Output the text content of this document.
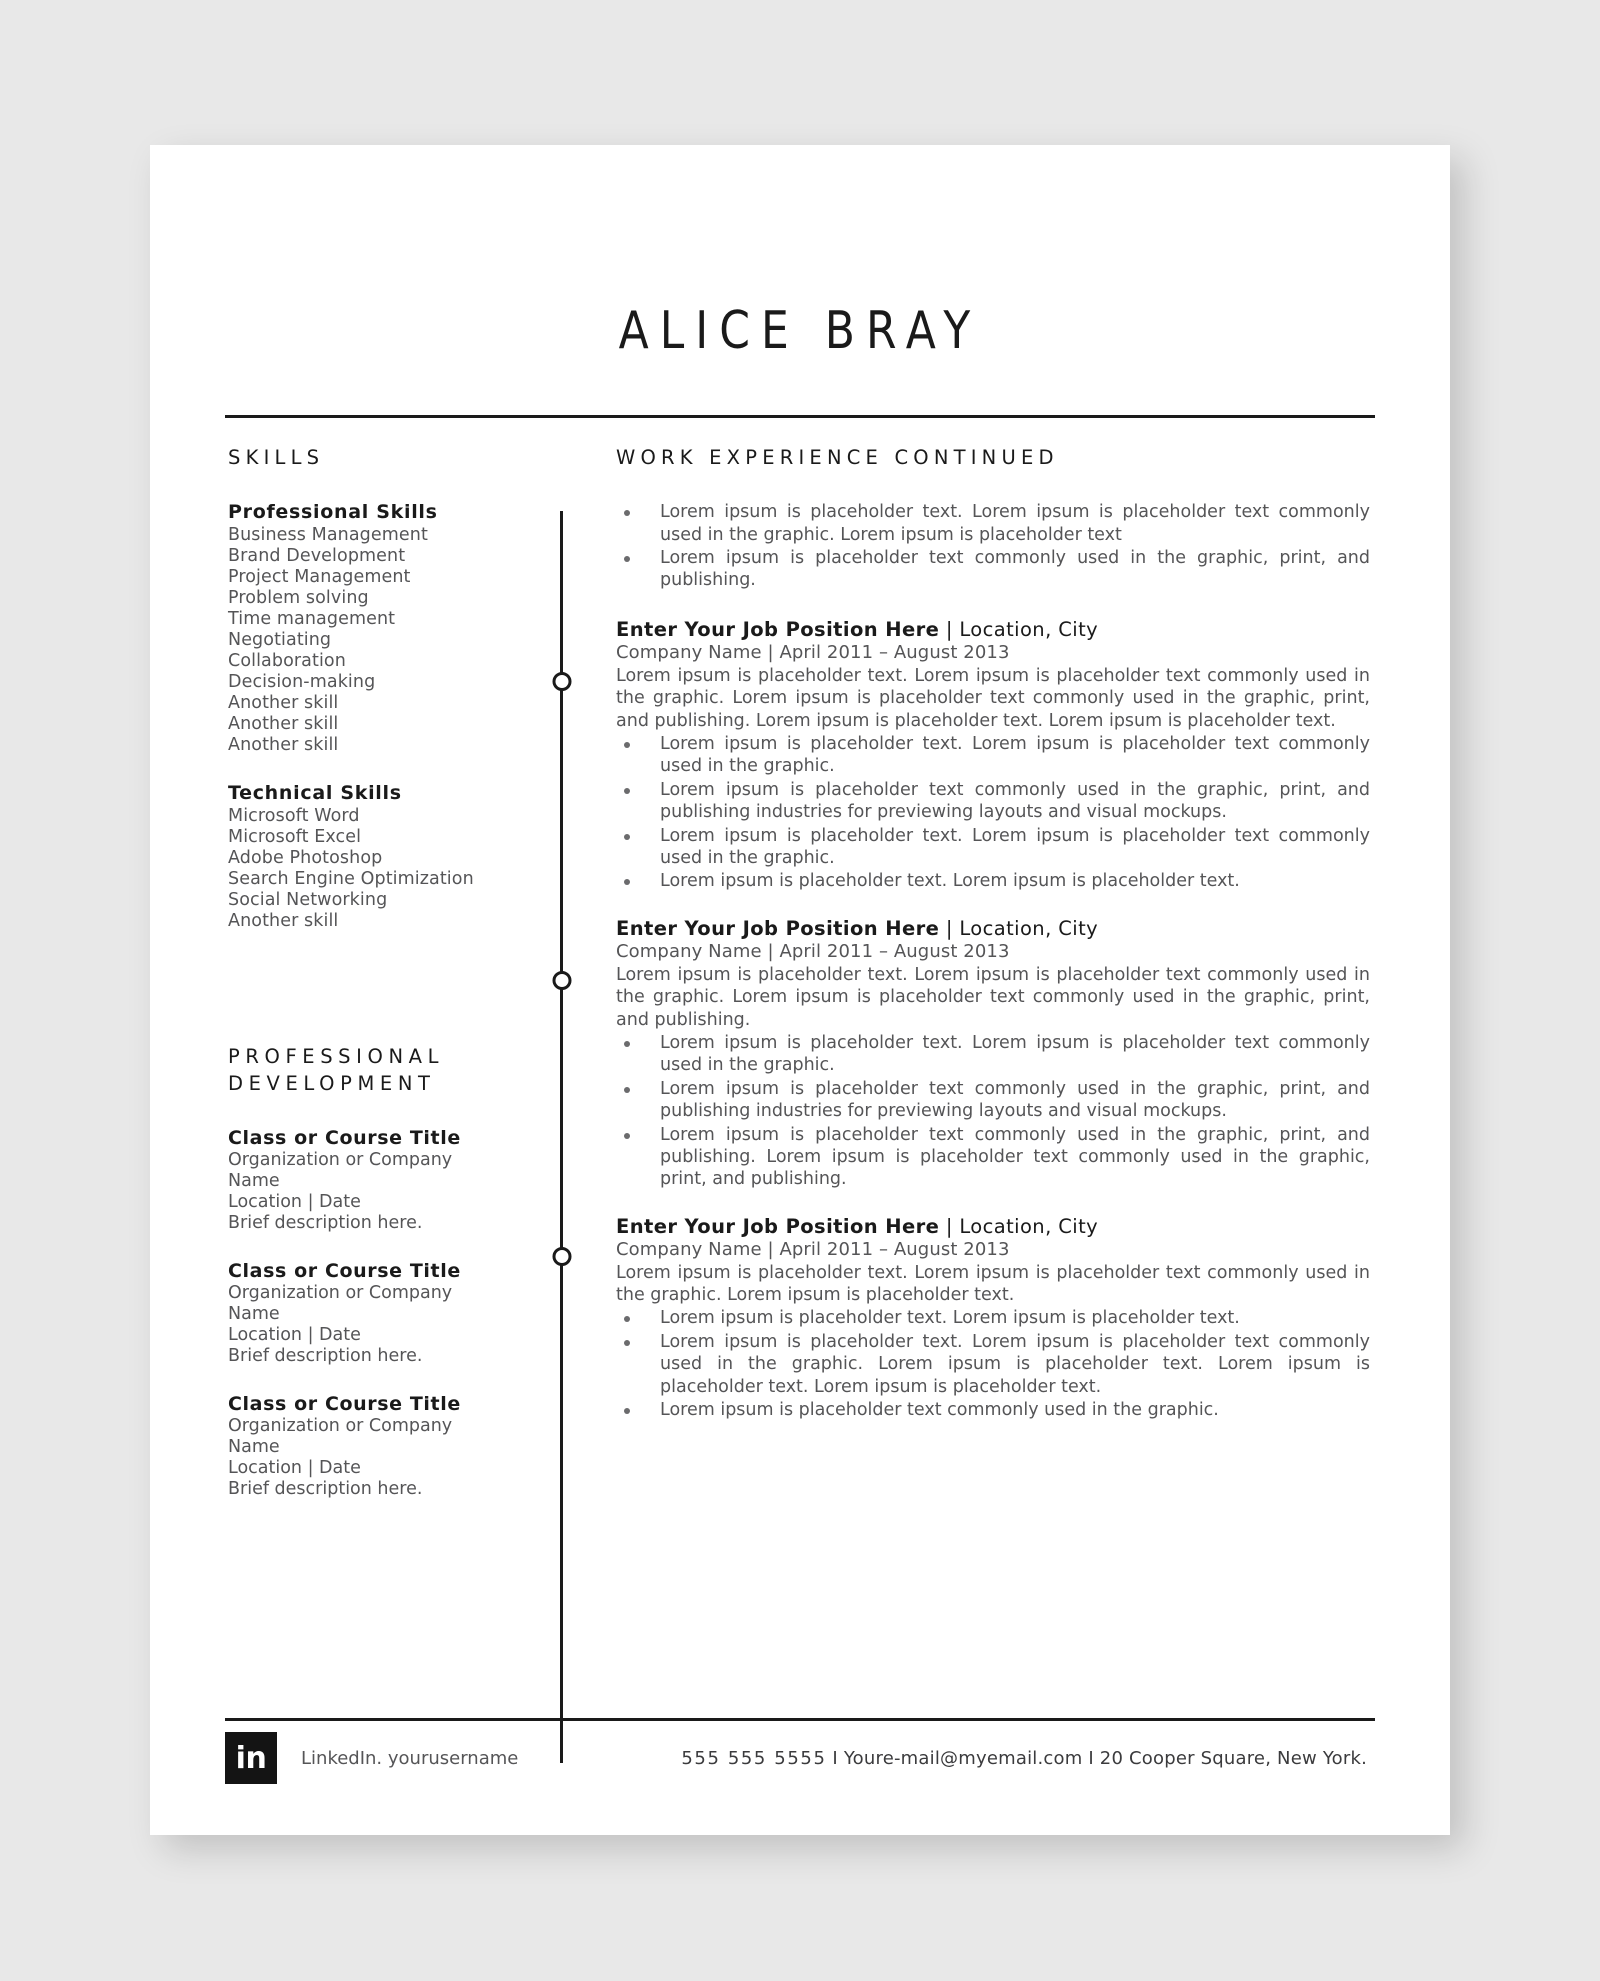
ALICE BRAY
SKILLS
Professional Skills
Business Management
Brand Development
Project Management
Problem solving
Time management
Negotiating
Collaboration
Decision-making
Another skill
Another skill
Another skill
Technical Skills
Microsoft Word
Microsoft Excel
Adobe Photoshop
Search Engine Optimization
Social Networking
Another skill
PROFESSIONAL
DEVELOPMENT
Class or Course Title
Organization or Company Name
Location | Date
Brief description here.
Class or Course Title
Organization or Company Name
Location | Date
Brief description here.
Class or Course Title
Organization or Company Name
Location | Date
Brief description here.
WORK EXPERIENCE CONTINUED
Lorem ipsum is placeholder text. Lorem ipsum is placeholder text commonly used in the graphic. Lorem ipsum is placeholder text
Lorem ipsum is placeholder text commonly used in the graphic, print, and publishing.
Enter Your Job Position Here | Location, City
Company Name | April 2011 – August 2013
Lorem ipsum is placeholder text. Lorem ipsum is placeholder text commonly used in the graphic. Lorem ipsum is placeholder text commonly used in the graphic, print, and publishing. Lorem ipsum is placeholder text. Lorem ipsum is placeholder text.
Lorem ipsum is placeholder text. Lorem ipsum is placeholder text commonly used in the graphic.
Lorem ipsum is placeholder text commonly used in the graphic, print, and publishing industries for previewing layouts and visual mockups.
Lorem ipsum is placeholder text. Lorem ipsum is placeholder text commonly used in the graphic.
Lorem ipsum is placeholder text. Lorem ipsum is placeholder text.
Enter Your Job Position Here | Location, City
Company Name | April 2011 – August 2013
Lorem ipsum is placeholder text. Lorem ipsum is placeholder text commonly used in the graphic. Lorem ipsum is placeholder text commonly used in the graphic, print, and publishing.
Lorem ipsum is placeholder text. Lorem ipsum is placeholder text commonly used in the graphic.
Lorem ipsum is placeholder text commonly used in the graphic, print, and publishing industries for previewing layouts and visual mockups.
Lorem ipsum is placeholder text commonly used in the graphic, print, and publishing. Lorem ipsum is placeholder text commonly used in the graphic, print, and publishing.
Enter Your Job Position Here | Location, City
Company Name | April 2011 – August 2013
Lorem ipsum is placeholder text. Lorem ipsum is placeholder text commonly used in the graphic. Lorem ipsum is placeholder text.
Lorem ipsum is placeholder text. Lorem ipsum is placeholder text.
Lorem ipsum is placeholder text. Lorem ipsum is placeholder text commonly used in the graphic. Lorem ipsum is placeholder text. Lorem ipsum is placeholder text. Lorem ipsum is placeholder text.
Lorem ipsum is placeholder text commonly used in the graphic.
in	LinkedIn. yourusername	555 555 5555 I Youre-mail@myemail.com I 20 Cooper Square, New York.
